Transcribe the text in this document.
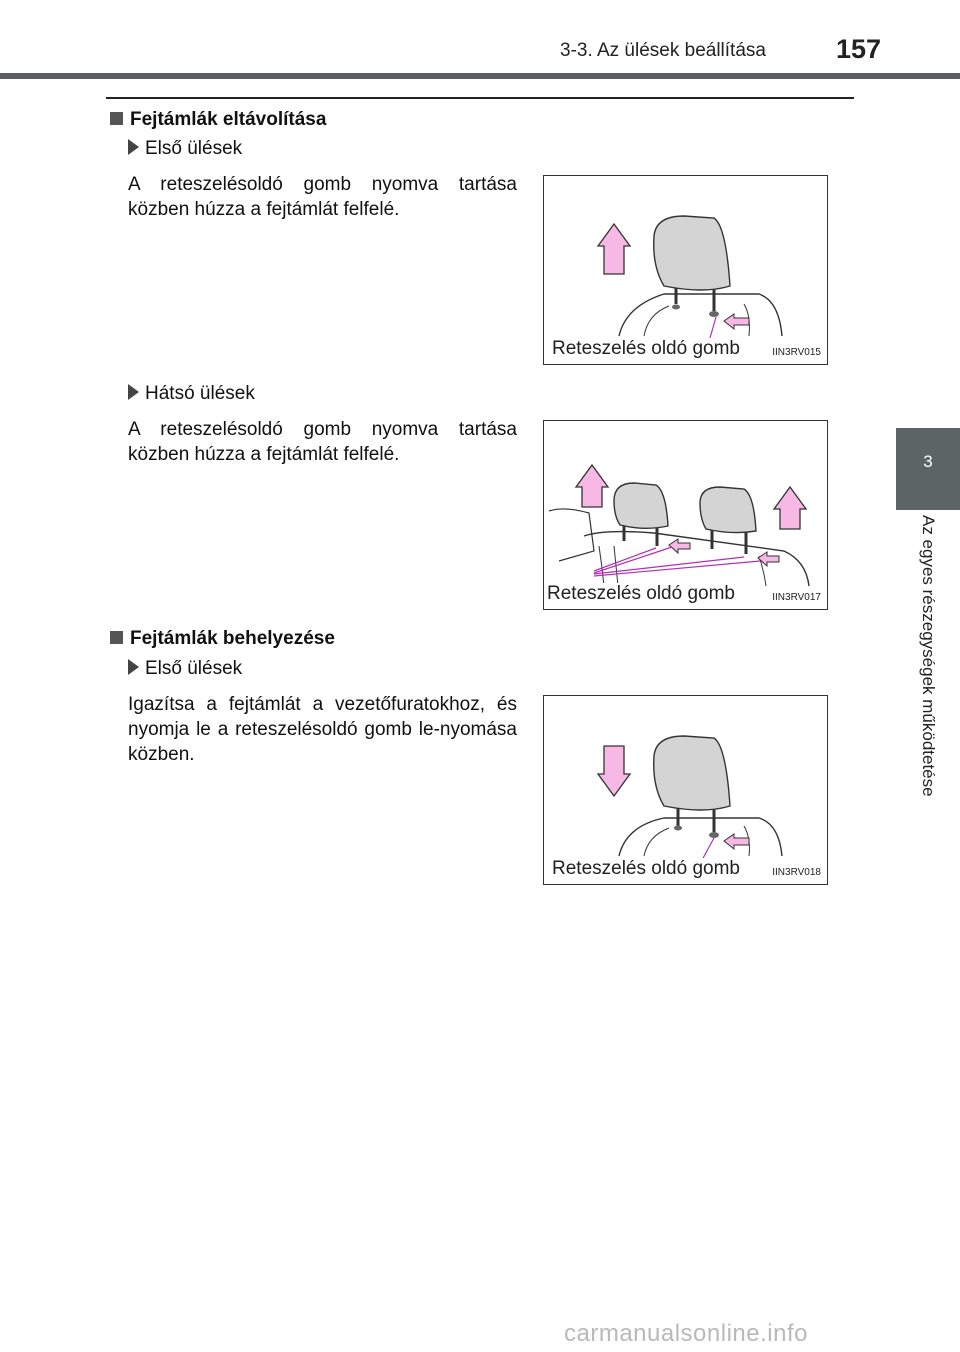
3-3. Az ülések beállítása	157
3
Az egyes részegységek működtetése
Fejtámlák eltávolítása
Első ülések
A reteszelésoldó gomb nyomva tartása közben húzza a fejtámlát felfelé.
Reteszelés oldó gomb	IIN3RV015
Hátsó ülések
A reteszelésoldó gomb nyomva tartása közben húzza a fejtámlát felfelé.
Reteszelés oldó gomb	IIN3RV017
Fejtámlák behelyezése
Első ülések
Igazítsa a fejtámlát a vezetőfuratokhoz, és nyomja le a reteszelésoldó gomb le-nyomása közben.
Reteszelés oldó gomb	IIN3RV018
carmanualsonline.info
